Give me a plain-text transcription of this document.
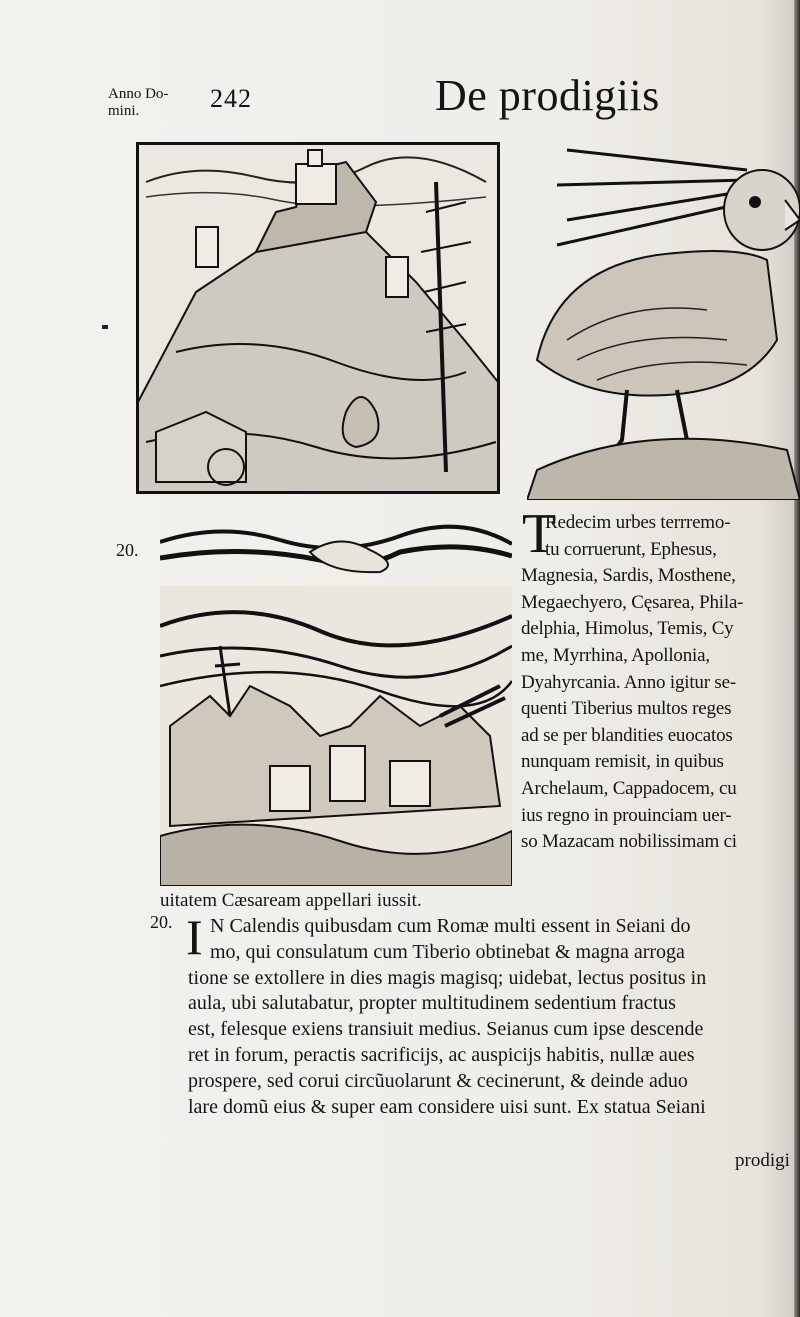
Anno Do-
mini.	242	De prodigiis
20.
20.
T
Redecim urbes terrremo-
tu corruerunt, Ephesus,
Magnesia, Sardis, Mosthene,
Megaechyero, Cęsarea, Phila-
delphia, Himolus, Temis, Cy
me, Myrrhina, Apollonia,
Dyahyrcania. Anno igitur se-
quenti Tiberius multos reges
ad se per blandities euocatos
nunquam remisit, in quibus
Archelaum, Cappadocem, cu
ius regno in prouinciam uer-
so Mazacam nobilissimam ci
uitatem Cæsaream appellari iussit.
I N Calendis quibusdam cum Romæ multi essent in Seiani do
mo, qui consulatum cum Tiberio obtinebat & magna arroga
tione se extollere in dies magis magisq; uidebat, lectus positus in
aula, ubi salutabatur, propter multitudinem sedentium fractus
est, felesque exiens transiuit medius. Seianus cum ipse descende
ret in forum, peractis sacrificijs, ac auspicijs habitis, nullæ aues
prospere, sed corui circũuolarunt & cecinerunt, & deinde aduo
lare domũ eius & super eam considere uisi sunt. Ex statua Seiani
prodigi
